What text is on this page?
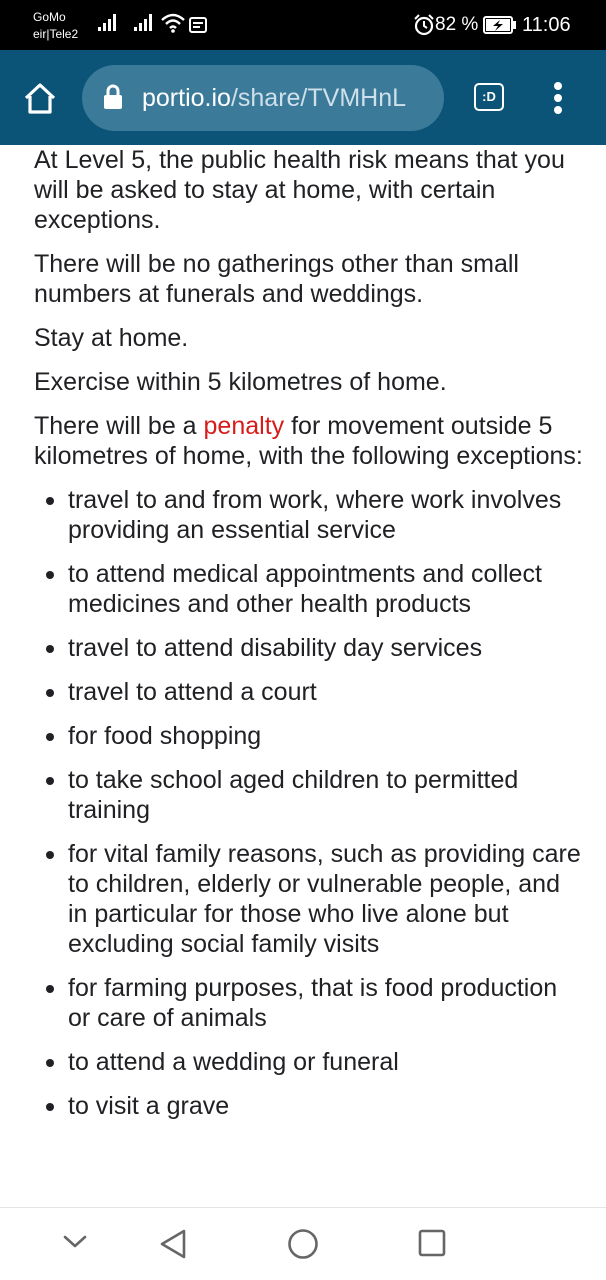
GoMo
eir|Tele2	82 % 11:06
portio.io/share/TVMHnL	:D

At Level 5, the public health risk means that you will be asked to stay at home, with certain exceptions.

There will be no gatherings other than small numbers at funerals and weddings.

Stay at home.

Exercise within 5 kilometres of home.

There will be a penalty for movement outside 5 kilometres of home, with the following exceptions:

travel to and from work, where work involves providing an essential service
to attend medical appointments and collect medicines and other health products
travel to attend disability day services
travel to attend a court
for food shopping
to take school aged children to permitted training
for vital family reasons, such as providing care to children, elderly or vulnerable people, and in particular for those who live alone but excluding social family visits
for farming purposes, that is food production or care of animals
to attend a wedding or funeral
to visit a grave
